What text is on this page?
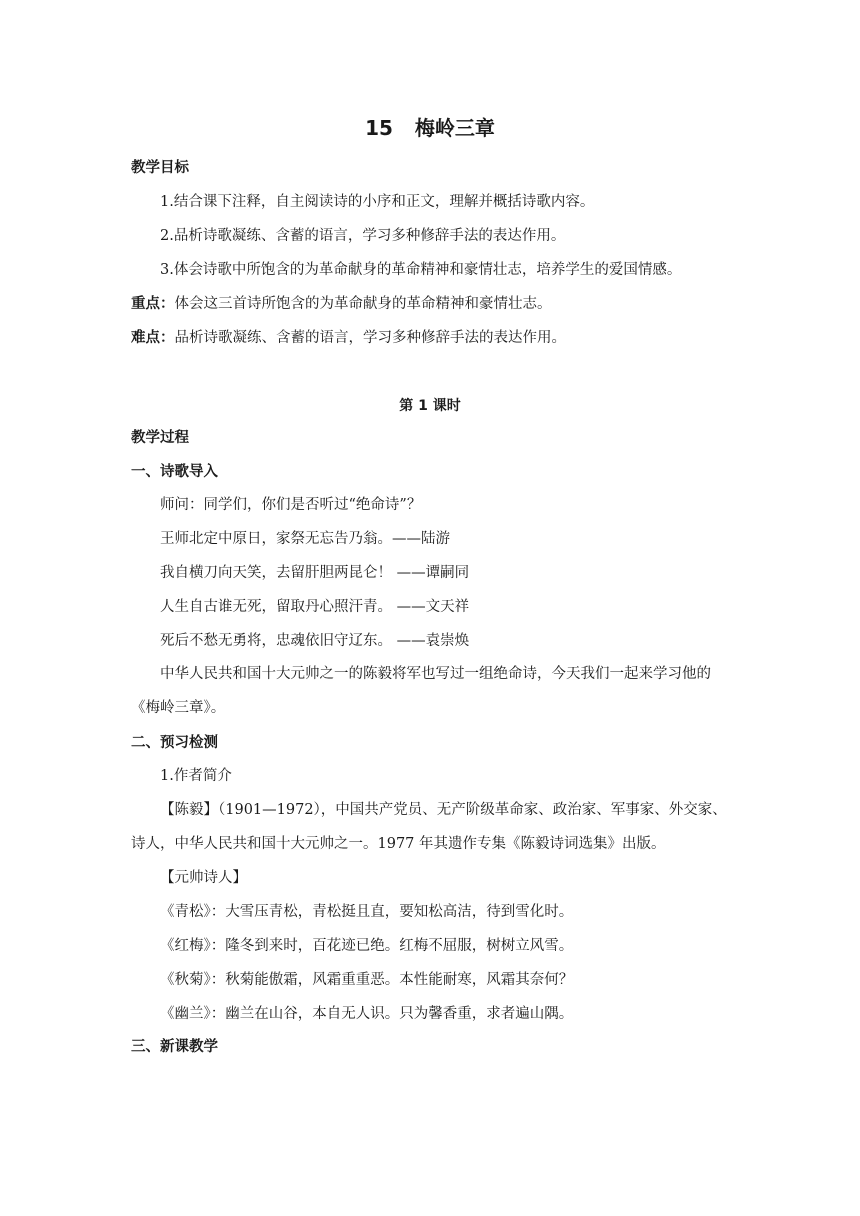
15 梅岭三章
教学目标
1.结合课下注释，自主阅读诗的小序和正文，理解并概括诗歌内容。
2.品析诗歌凝练、含蓄的语言，学习多种修辞手法的表达作用。
3.体会诗歌中所饱含的为革命献身的革命精神和豪情壮志，培养学生的爱国情感。
重点：体会这三首诗所饱含的为革命献身的革命精神和豪情壮志。
难点：品析诗歌凝练、含蓄的语言，学习多种修辞手法的表达作用。
第 1 课时
教学过程
一、诗歌导入
师问：同学们，你们是否听过“绝命诗”？
王师北定中原日，家祭无忘告乃翁。——陆游
我自横刀向天笑，去留肝胆两昆仑！ ——谭嗣同
人生自古谁无死，留取丹心照汗青。 ——文天祥
死后不愁无勇将，忠魂依旧守辽东。 ——袁崇焕
中华人民共和国十大元帅之一的陈毅将军也写过一组绝命诗，今天我们一起来学习他的
《梅岭三章》。
二、预习检测
1.作者简介
【陈毅】（1901—1972），中国共产党员、无产阶级革命家、政治家、军事家、外交家、
诗人，中华人民共和国十大元帅之一。1977 年其遗作专集《陈毅诗词选集》出版。
【元帅诗人】
《青松》：大雪压青松，青松挺且直，要知松高洁，待到雪化时。
《红梅》：隆冬到来时，百花迹已绝。红梅不屈服，树树立风雪。
《秋菊》：秋菊能傲霜，风霜重重恶。本性能耐寒，风霜其奈何？
《幽兰》：幽兰在山谷，本自无人识。只为馨香重，求者遍山隅。
三、新课教学
